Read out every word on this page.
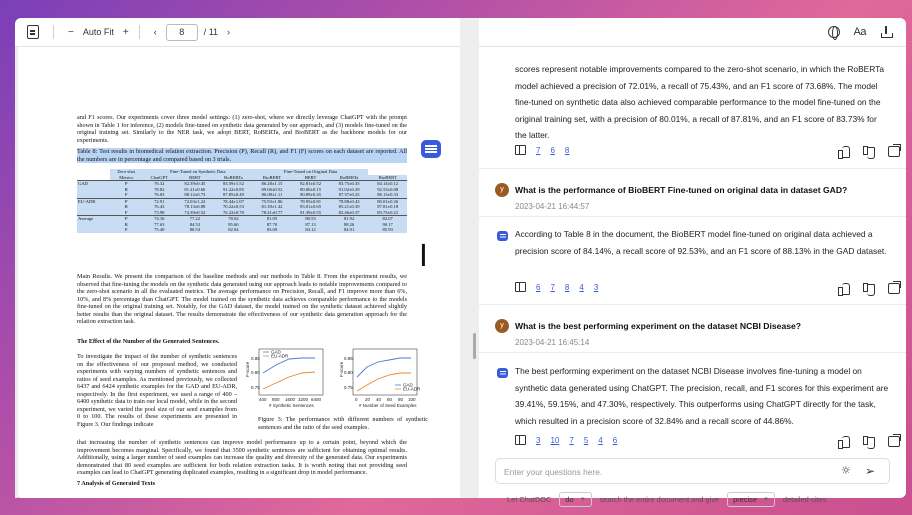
−	Auto Fit +	‹	8	/ 11	›	Aa

and F1 scores. Our experiments cover three model settings: (1) zero-shot, where we directly leverage ChatGPT with the prompt shown in Table 1 for inference, (2) models fine-tuned on synthetic data generated by our approach, and (3) models fine-tuned on the original training set. Similarly to the NER task, we adopt BERT, RoBERTa, and BioBERT as the backbone models for our experiments.

Table 8: Test results in biomedical relation extraction. Precision (P), Recall (R), and F1 (F) scores on each dataset are reported. All the numbers are in percentage and compared based on 3 trials.

	Zero-shot	Fine-Tuned on Synthetic Data			Fine-Tuned on Original Data			
	Metrics	ChatGPT	BERT	RoBERTa	BioBERT	BERT	RoBERTa	BioBERT
GAD	P	76.32	82.39±0.45	83.59±1.52	86.28±1.15	82.81±0.52	83.75±0.35	84.14±0.12
	R	78.82	81.21±0.60	91.22±0.85	89.06±0.52	80.00±0.15	91.02±0.29	92.53±0.08
	F	76.83	88.12±0.73	87.85±0.49	86.08±1.11	80.89±0.45	87.37±0.25	88.13±0.33
EU-ADR	P	72.91	72.03±1.22	78.44±1.07	75.93±1.86	78.95±0.81	78.88±0.43	80.01±0.26
	R	76.43	78.13±0.88	70.22±0.53	81.39±1.42	83.01±0.65	85.21±0.39	87.81±0.18
	F	73.98	74.39±0.52	76.22±0.70	78.41±0.77	81.39±0.55	82.46±0.37	83.73±0.21
Average	P	74.16	77.22	78.02	81.05	80.53	81.92	82.07
	R	77.63	84.53	85.60	87.70	87.13	88.26	90.17
	F	75.40	80.53	82.04	83.09	84.12	84.91	85.93
I

Main Results. We present the comparison of the baseline methods and our methods in Table 8. From the experiment results, we observed that fine-tuning the models on the synthetic data generated using our approach leads to notable improvements compared to the zero-shot scenario in all the evaluated metrics. The average performance on Precision, Recall, and F1 improve more than 6%, 10%, and 8% percentage than ChatGPT. The model trained on the synthetic data achieves comparable performance to the models fine-tuned on the original training set. Notably, for the GAD dataset, the model trained on the synthetic dataset achieved slightly better results than the original dataset. The results demonstrate the effectiveness of our synthetic data generation approach for the relation extraction task.

The Effect of the Number of the Generated Sentences.

To investigate the impact of the number of synthetic sentences on the effectiveness of our proposed method, we conducted experiments with varying numbers of synthetic sentences and ratios of seed examples. As mentioned previously, we collected 6437 and 6424 synthetic examples for the GAD and EU-ADR, respectively. In the first experiment, we used a range of 400 – 6400 synthetic data to train our local model, while in the second experiment, we varied the pool size of our seed examples from 0 to 100. The results of these experiments are presented in Figure 3. Our findings indicate

F-score
0.85
0.80
0.75
400 800 1600 3200 6400
# Synthetic Sentences
GAD
EU-ADR
F-score
0.85
0.80
0.75
0 20 40 60 80 100
# Number of Seed Examples
GAD
EU-ADR

Figure 3: The performance with different numbers of synthetic sentences and the ratio of the seed examples.

that increasing the number of synthetic sentences can improve model performance up to a certain point, beyond which the improvement becomes marginal. Specifically, we found that 3500 synthetic sentences are sufficient for obtaining optimal results. Additionally, using a larger number of seed examples can increase the quality and diversity of the generated data. Our experiments demonstrated that 80 seed examples are sufficient for both relation extraction tasks. It is worth noting that not providing seed examples can lead to ChatGPT generating duplicated examples, resulting in a significant drop in model performance.

7 Analysis of Generated Texts

scores represent notable improvements compared to the zero-shot scenario, in which the RoBERTa model achieved a precision of 72.01%, a recall of 75.43%, and an F1 score of 73.68%. The model fine-tuned on synthetic data also achieved comparable performance to the model fine-tuned on the original training set, with a precision of 80.01%, a recall of 87.81%, and an F1 score of 83.73% for the latter.
7 6 8
y	What is the performance of BioBERT Fine-tuned on original data in dataset GAD?
2023-04-21 16:44:57
According to Table 8 in the document, the BioBERT model fine-tuned on original data achieved a precision score of 84.14%, a recall score of 92.53%, and an F1 score of 88.13% in the GAD dataset.
6 7 8 4 3
y	What is the best performing experiment on the dataset NCBI Disease?
2023-04-21 16:45:14
The best performing experiment on the dataset NCBI Disease involves fine-tuning a model on synthetic data generated using ChatGPT. The precision, recall, and F1 scores for this experiment are 39.41%, 59.15%, and 47.30%, respectively. This outperforms using ChatGPT directly for the task, which resulted in a precision score of 32.84% and a recall score of 44.86%.
3 10 7 5 4 6
Enter your questions here.
☼ ➢
Let ChatDOC do ▼ search the entire document and give precise ▼ detailed cites.
